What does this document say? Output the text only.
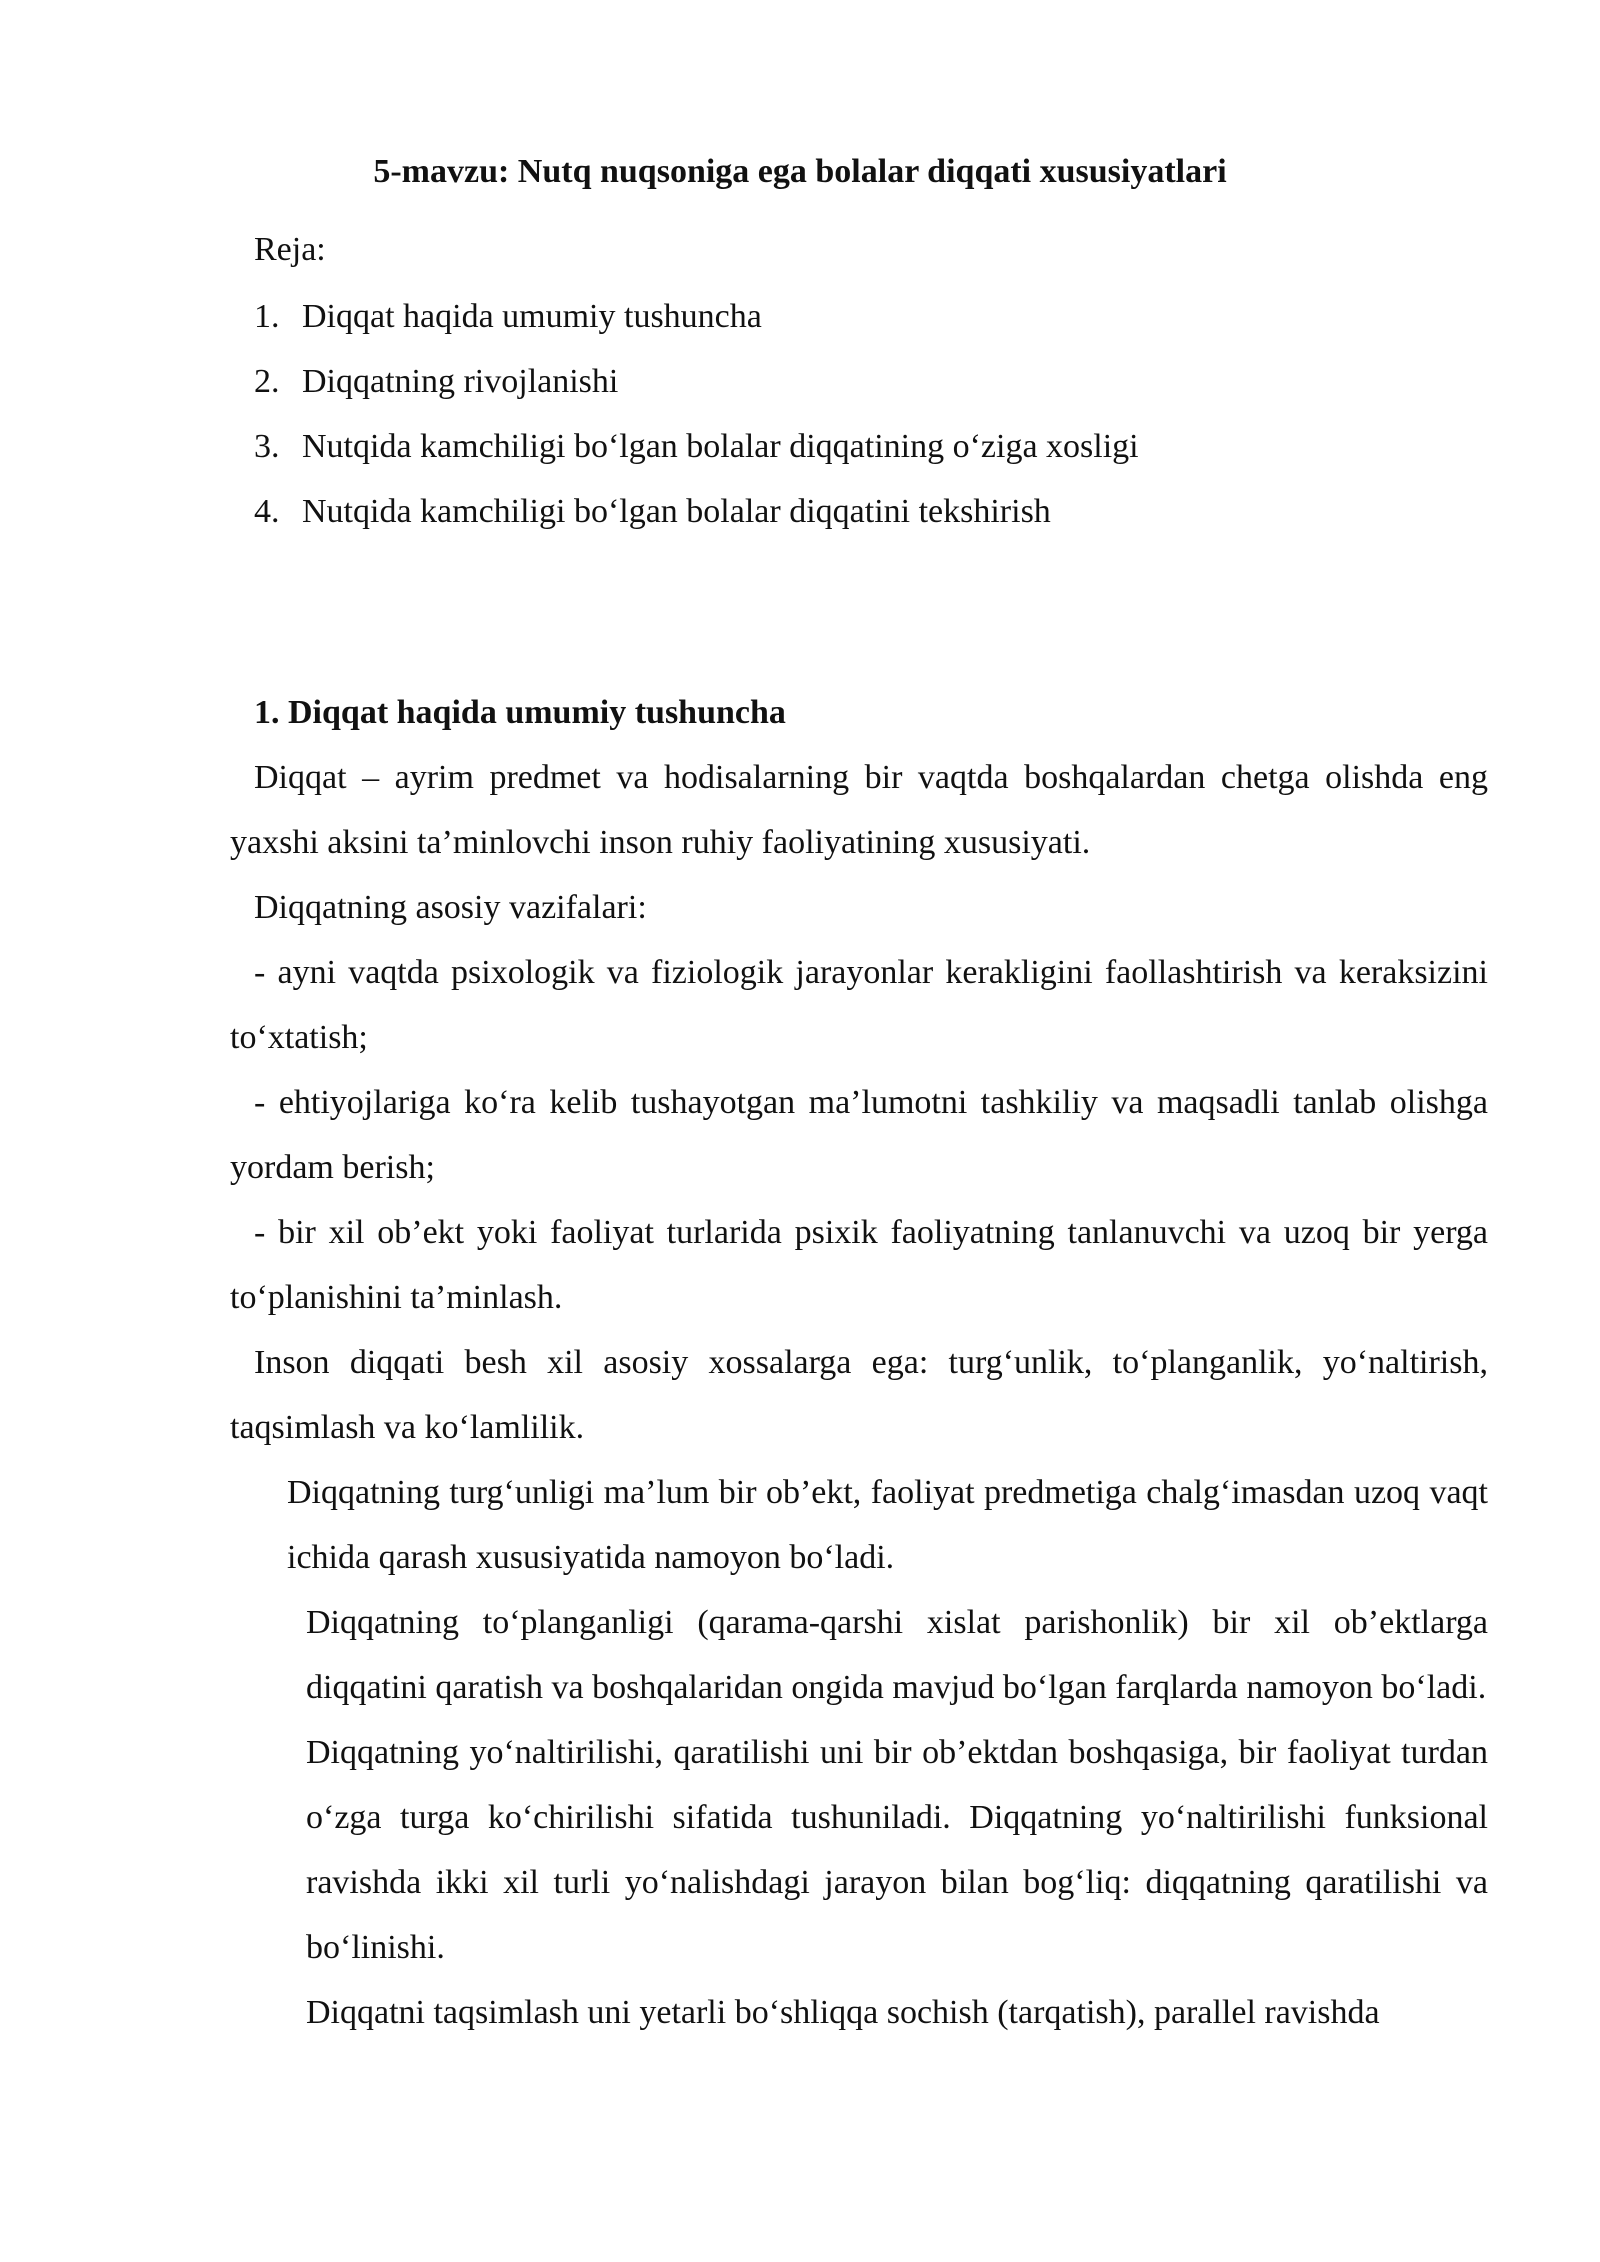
5-mavzu: Nutq nuqsoniga ega bolalar diqqati xususiyatlari
Reja:
1. Diqqat haqida umumiy tushuncha
2. Diqqatning rivojlanishi
3. Nutqida kamchiligi bo‘lgan bolalar diqqatining o‘ziga xosligi
4. Nutqida kamchiligi bo‘lgan bolalar diqqatini tekshirish

1. Diqqat haqida umumiy tushuncha

Diqqat – ayrim predmet va hodisalarning bir vaqtda boshqalardan chetga olishda eng yaxshi aksini ta’minlovchi inson ruhiy faoliyatining xususiyati.

Diqqatning asosiy vazifalari:

- ayni vaqtda psixologik va fiziologik jarayonlar kerakligini faollashtirish va keraksizini to‘xtatish;

- ehtiyojlariga ko‘ra kelib tushayotgan ma’lumotni tashkiliy va maqsadli tanlab olishga yordam berish;

- bir xil ob’ekt yoki faoliyat turlarida psixik faoliyatning tanlanuvchi va uzoq bir yerga to‘planishini ta’minlash.

Inson diqqati besh xil asosiy xossalarga ega: turg‘unlik, to‘planganlik, yo‘naltirish, taqsimlash va ko‘lamlilik.

Diqqatning turg‘unligi ma’lum bir ob’ekt, faoliyat predmetiga chalg‘imasdan uzoq vaqt ichida qarash xususiyatida namoyon bo‘ladi.

Diqqatning to‘planganligi (qarama-qarshi xislat parishonlik) bir xil ob’ektlarga diqqatini qaratish va boshqalaridan ongida mavjud bo‘lgan farqlarda namoyon bo‘ladi.

Diqqatning yo‘naltirilishi, qaratilishi uni bir ob’ektdan boshqasiga, bir faoliyat turdan o‘zga turga ko‘chirilishi sifatida tushuniladi. Diqqatning yo‘naltirilishi funksional ravishda ikki xil turli yo‘nalishdagi jarayon bilan bog‘liq: diqqatning qaratilishi va bo‘linishi.

Diqqatni taqsimlash uni yetarli bo‘shliqqa sochish (tarqatish), parallel ravishda
